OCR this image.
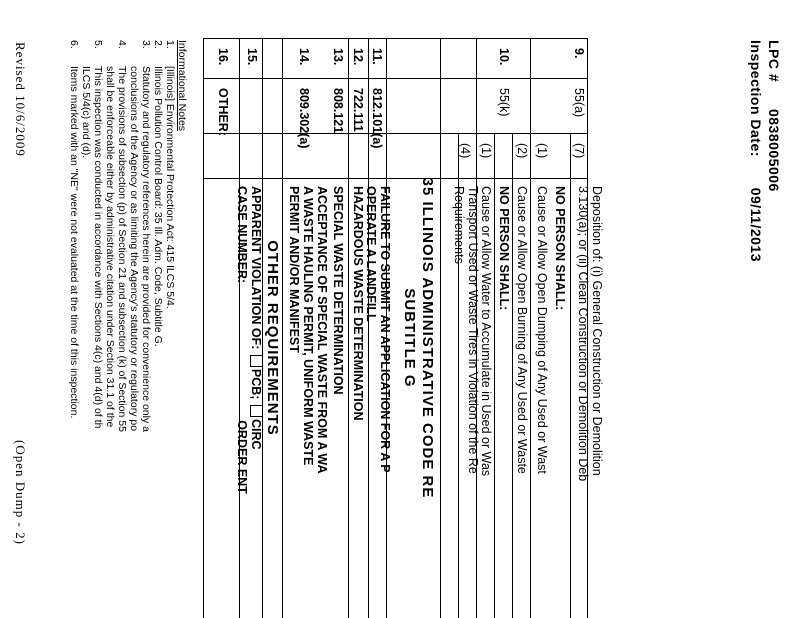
LPC #  0838005006
Inspection Date:  09/11/2013
9.
55(a)
(7)
Deposition of: (i) General Construction or Demolition
3.130(a); or (ii) Clean Construction or Demolition Deb
NO PERSON SHALL:
(1)
Cause or Allow Open Dumping of Any Used or Wast
(2)
Cause or Allow Open Burning of Any Used or Waste
10.
55(k)
NO PERSON SHALL:
(1)
Cause or Allow Water to Accumulate in Used or Was
(4)
Transport Used or Waste Tires in Violation of the Re
Requirements
35 ILLINOIS ADMINISTRATIVE CODE RE
SUBTITLE G
11.
812.101(a)
FAILURE TO SUBMIT AN APPLICATION FOR A P
OPERATE A LANDFILL
12.
722.111
HAZARDOUS WASTE DETERMINATION
13.
808.121
SPECIAL WASTE DETERMINATION
14.
809.302(a)
ACCEPTANCE OF SPECIAL WASTE FROM A WA
A WASTE HAULING PERMIT, UNIFORM WASTE
PERMIT AND/OR MANIFEST
OTHER REQUIREMENTS
15.
APPARENT VIOLATION OF: PCB; CIRC
CASE NUMBER:  ORDER ENT
16.
OTHER:
Informational Notes
1.[Illinois] Environmental Protection Act: 415 ILCS 5/4.
2.Illinois Pollution Control Board: 35 Ill. Adm. Code, Subtitle G.
3.Statutory and regulatory references herein are provided for convenience only a
conclusions of the Agency or as limiting the Agency's statutory or regulatory po
4.The provisions of subsection (p) of Section 21 and subsection (k) of Section 55
shall be enforceable either by administrative citation under Section 31.1 of the
5.This inspection was conducted in accordance with Sections 4(c) and 4(d) of th
ILCS 5/4(c) and (d).
6.Items marked with an "NE" were not evaluated at the time of this inspection.
Revised 10/6/2009
(Open Dump - 2)
